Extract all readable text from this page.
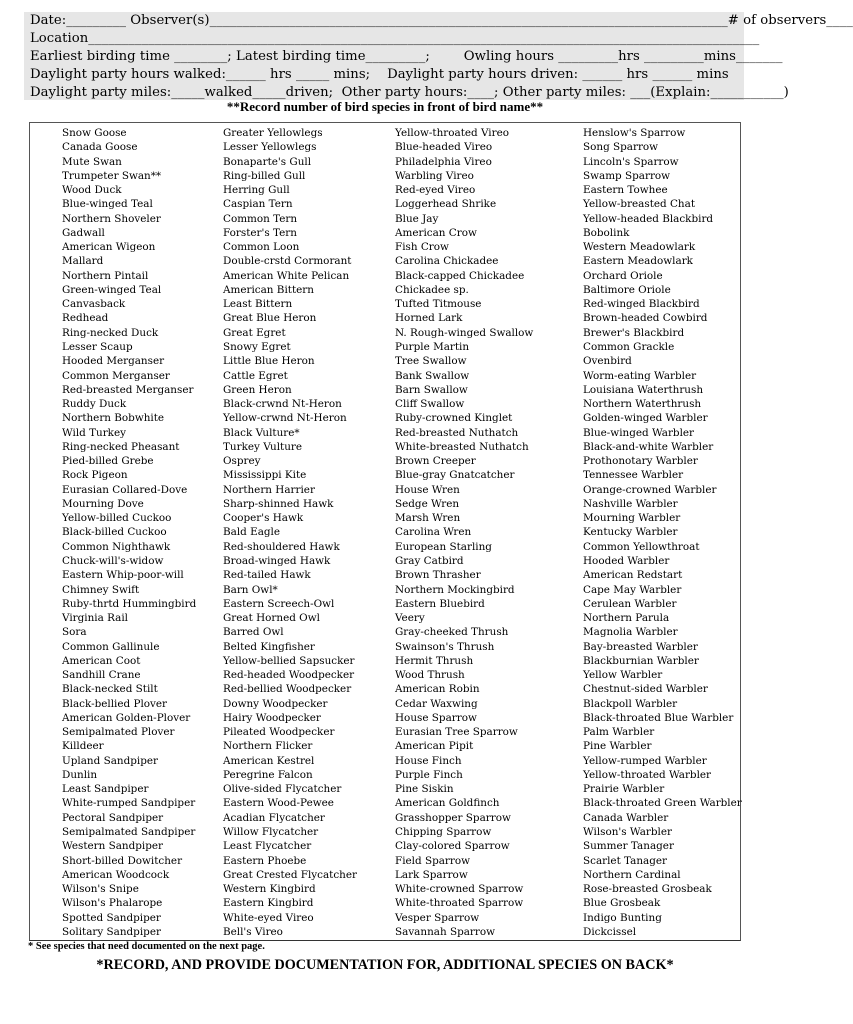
Date:_________ Observer(s)______________________________________________________________________________# of observers____
Location_____________________________________________________________________________________________________
Earliest birding time ________; Latest birding time_________;        Owling hours _________hrs _________mins_______
Daylight party hours walked:______ hrs _____ mins;    Daylight party hours driven: ______ hrs ______ mins
Daylight party miles:_____walked_____driven;  Other party hours:____; Other party miles: ___(Explain:___________)
**Record number of bird species in front of bird name**
Snow Goose
Canada Goose
Mute Swan
Trumpeter Swan**
Wood Duck
Blue-winged Teal
Northern Shoveler
Gadwall
American Wigeon
Mallard
Northern Pintail
Green-winged Teal
Canvasback
Redhead
Ring-necked Duck
Lesser Scaup
Hooded Merganser
Common Merganser
Red-breasted Merganser
Ruddy Duck
Northern Bobwhite
Wild Turkey
Ring-necked Pheasant
Pied-billed Grebe
Rock Pigeon
Eurasian Collared-Dove
Mourning Dove
Yellow-billed Cuckoo
Black-billed Cuckoo
Common Nighthawk
Chuck-will's-widow
Eastern Whip-poor-will
Chimney Swift
Ruby-thrtd Hummingbird
Virginia Rail
Sora
Common Gallinule
American Coot
Sandhill Crane
Black-necked Stilt
Black-bellied Plover
American Golden-Plover
Semipalmated Plover
Killdeer
Upland Sandpiper
Dunlin
Least Sandpiper
White-rumped Sandpiper
Pectoral Sandpiper
Semipalmated Sandpiper
Western Sandpiper
Short-billed Dowitcher
American Woodcock
Wilson's Snipe
Wilson's Phalarope
Spotted Sandpiper
Solitary Sandpiper
Greater Yellowlegs
Lesser Yellowlegs
Bonaparte's Gull
Ring-billed Gull
Herring Gull
Caspian Tern
Common Tern
Forster's Tern
Common Loon
Double-crstd Cormorant
American White Pelican
American Bittern
Least Bittern
Great Blue Heron
Great Egret
Snowy Egret
Little Blue Heron
Cattle Egret
Green Heron
Black-crwnd Nt-Heron
Yellow-crwnd Nt-Heron
Black Vulture*
Turkey Vulture
Osprey
Mississippi Kite
Northern Harrier
Sharp-shinned Hawk
Cooper's Hawk
Bald Eagle
Red-shouldered Hawk
Broad-winged Hawk
Red-tailed Hawk
Barn Owl*
Eastern Screech-Owl
Great Horned Owl
Barred Owl
Belted Kingfisher
Yellow-bellied Sapsucker
Red-headed Woodpecker
Red-bellied Woodpecker
Downy Woodpecker
Hairy Woodpecker
Pileated Woodpecker
Northern Flicker
American Kestrel
Peregrine Falcon
Olive-sided Flycatcher
Eastern Wood-Pewee
Acadian Flycatcher
Willow Flycatcher
Least Flycatcher
Eastern Phoebe
Great Crested Flycatcher
Western Kingbird
Eastern Kingbird
White-eyed Vireo
Bell's Vireo
Yellow-throated Vireo
Blue-headed Vireo
Philadelphia Vireo
Warbling Vireo
Red-eyed Vireo
Loggerhead Shrike
Blue Jay
American Crow
Fish Crow
Carolina Chickadee
Black-capped Chickadee
Chickadee sp.
Tufted Titmouse
Horned Lark
N. Rough-winged Swallow
Purple Martin
Tree Swallow
Bank Swallow
Barn Swallow
Cliff Swallow
Ruby-crowned Kinglet
Red-breasted Nuthatch
White-breasted Nuthatch
Brown Creeper
Blue-gray Gnatcatcher
House Wren
Sedge Wren
Marsh Wren
Carolina Wren
European Starling
Gray Catbird
Brown Thrasher
Northern Mockingbird
Eastern Bluebird
Veery
Gray-cheeked Thrush
Swainson's Thrush
Hermit Thrush
Wood Thrush
American Robin
Cedar Waxwing
House Sparrow
Eurasian Tree Sparrow
American Pipit
House Finch
Purple Finch
Pine Siskin
American Goldfinch
Grasshopper Sparrow
Chipping Sparrow
Clay-colored Sparrow
Field Sparrow
Lark Sparrow
White-crowned Sparrow
White-throated Sparrow
Vesper Sparrow
Savannah Sparrow
Henslow's Sparrow
Song Sparrow
Lincoln's Sparrow
Swamp Sparrow
Eastern Towhee
Yellow-breasted Chat
Yellow-headed Blackbird
Bobolink
Western Meadowlark
Eastern Meadowlark
Orchard Oriole
Baltimore Oriole
Red-winged Blackbird
Brown-headed Cowbird
Brewer's Blackbird
Common Grackle
Ovenbird
Worm-eating Warbler
Louisiana Waterthrush
Northern Waterthrush
Golden-winged Warbler
Blue-winged Warbler
Black-and-white Warbler
Prothonotary Warbler
Tennessee Warbler
Orange-crowned Warbler
Nashville Warbler
Mourning Warbler
Kentucky Warbler
Common Yellowthroat
Hooded Warbler
American Redstart
Cape May Warbler
Cerulean Warbler
Northern Parula
Magnolia Warbler
Bay-breasted Warbler
Blackburnian Warbler
Yellow Warbler
Chestnut-sided Warbler
Blackpoll Warbler
Black-throated Blue Warbler
Palm Warbler
Pine Warbler
Yellow-rumped Warbler
Yellow-throated Warbler
Prairie Warbler
Black-throated Green Warbler
Canada Warbler
Wilson's Warbler
Summer Tanager
Scarlet Tanager
Northern Cardinal
Rose-breasted Grosbeak
Blue Grosbeak
Indigo Bunting
Dickcissel
* See species that need documented on the next page.
*RECORD, AND PROVIDE DOCUMENTATION FOR, ADDITIONAL SPECIES ON BACK*
